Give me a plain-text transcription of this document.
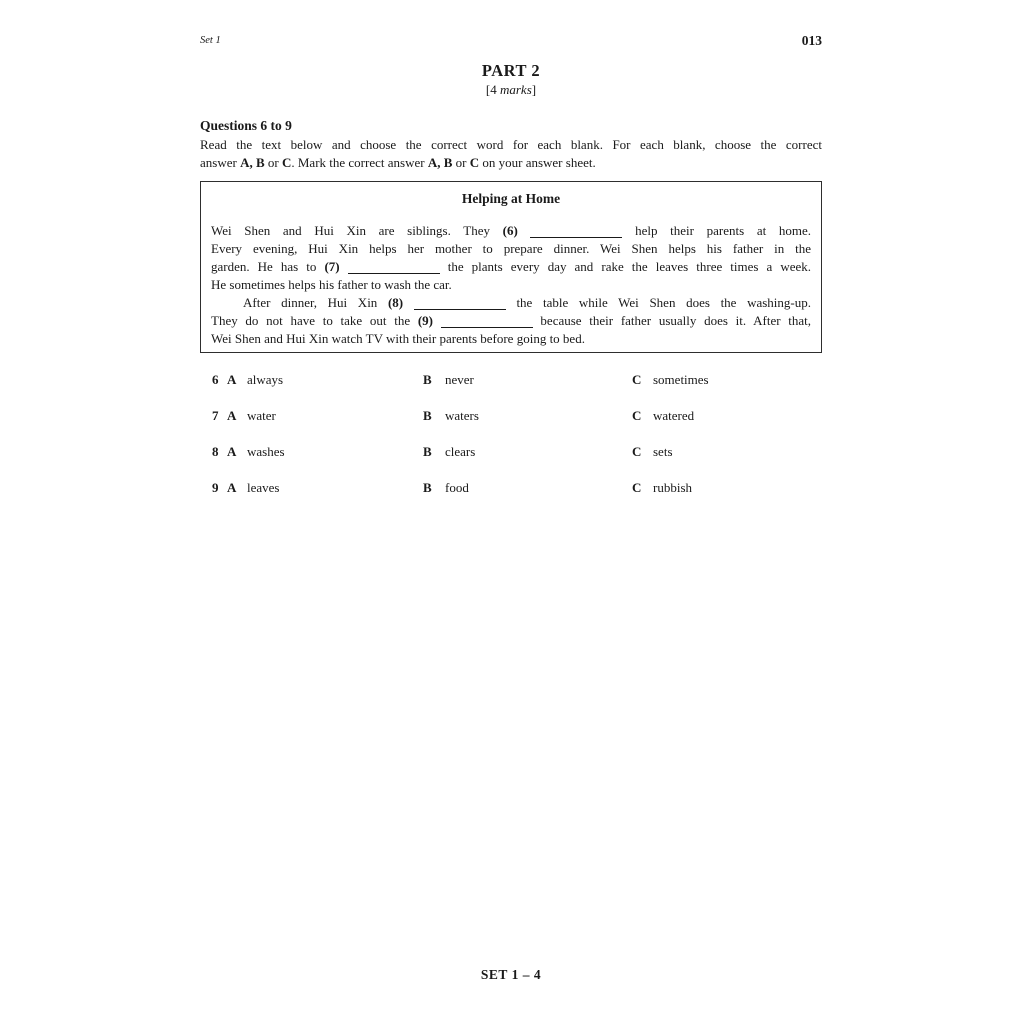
Set 1	013
PART 2
[4 marks]
Questions 6 to 9
Read the text below and choose the correct word for each blank. For each blank, choose the correct
answer A, B or C. Mark the correct answer A, B or C on your answer sheet.
Helping at Home
Wei Shen and Hui Xin are siblings. They (6)	help their parents at home.
Every evening, Hui Xin helps her mother to prepare dinner. Wei Shen helps his father in the
garden. He has to (7)	the plants every day and rake the leaves three times a week.
He sometimes helps his father to wash the car.
After dinner, Hui Xin (8)	the table while Wei Shen does the washing-up.
They do not have to take out the (9)	because their father usually does it. After that,
Wei Shen and Hui Xin watch TV with their parents before going to bed.
6 A always	B	never	C sometimes
7 A water	B	waters	C watered
8 A washes	B	clears	C sets
9 A leaves	B	food	C rubbish
SET 1 – 4
